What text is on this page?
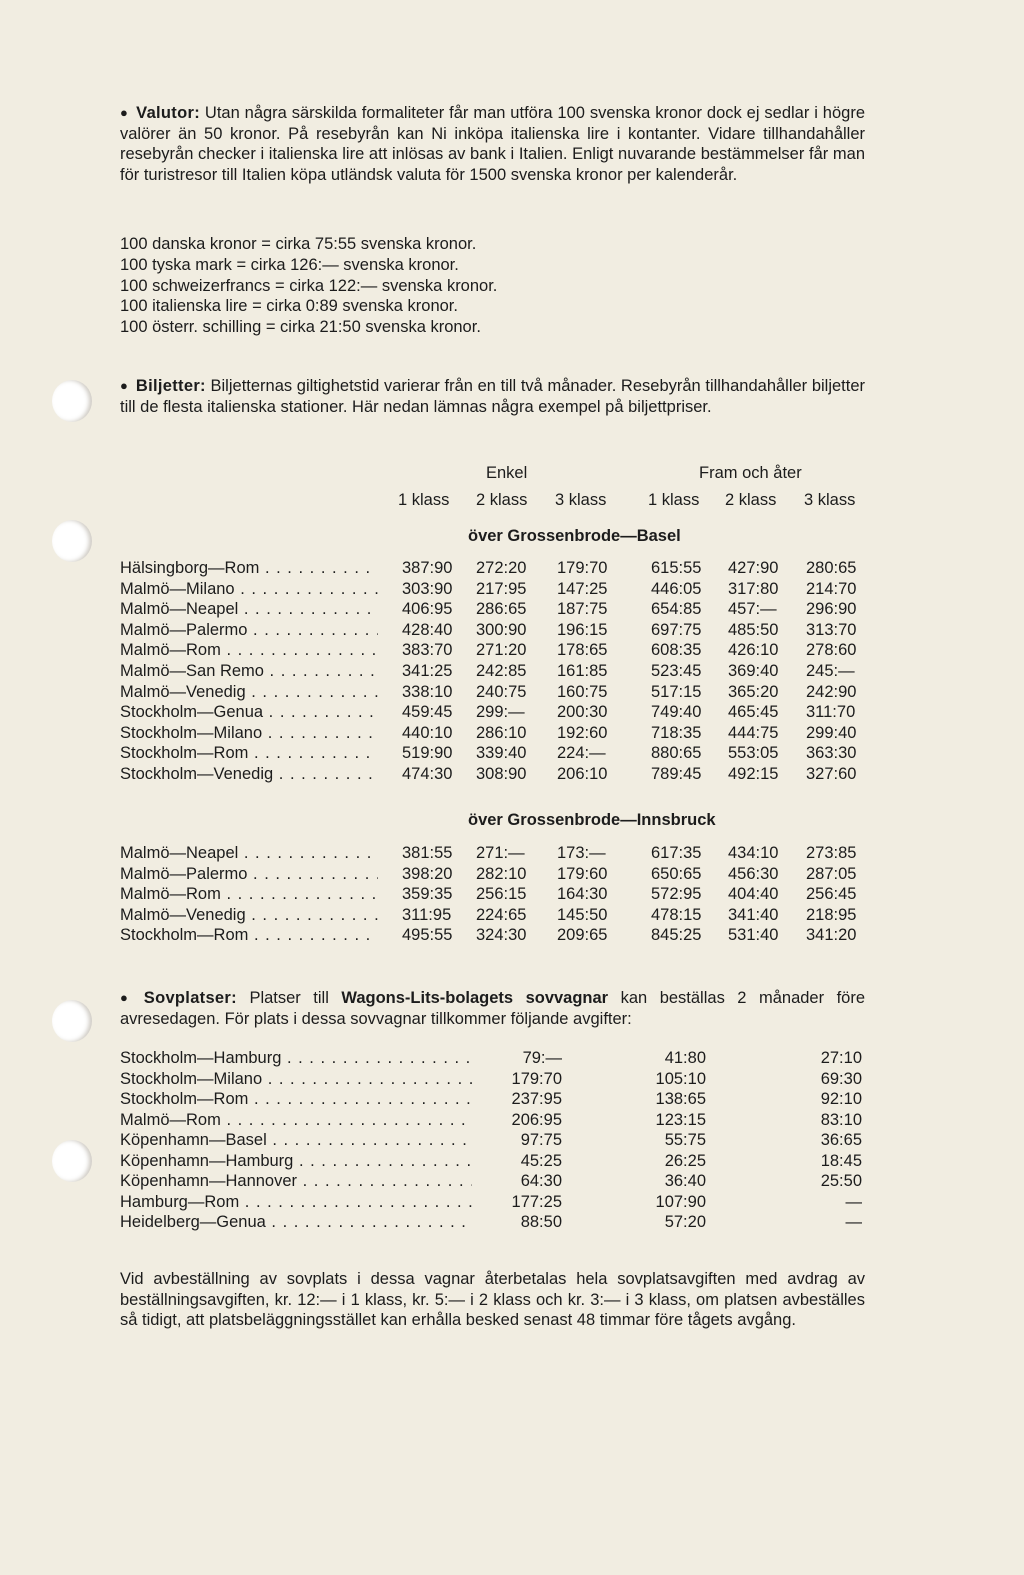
● Valutor: Utan några särskilda formaliteter får man utföra 100 svenska kronor dock ej sedlar i högre valörer än 50 kronor. På resebyrån kan Ni inköpa italienska lire i kontanter. Vidare tillhandahåller resebyrån checker i italienska lire att inlösas av bank i Italien. Enligt nuvarande bestämmelser får man för turistresor till Italien köpa utländsk valuta för 1500 svenska kronor per kalenderår.

100 danska kronor = cirka 75:55 svenska kronor.
100 tyska mark = cirka 126:— svenska kronor.
100 schweizerfrancs = cirka 122:— svenska kronor.
100 italienska lire = cirka 0:89 svenska kronor.
100 österr. schilling = cirka 21:50 svenska kronor.

● Biljetter: Biljetternas giltighetstid varierar från en till två månader. Resebyrån tillhandahåller biljetter till de flesta italienska stationer. Här nedan lämnas några exempel på biljettpriser.

Enkel	Fram och åter
1 klass 2 klass 3 klass	1 klass 2 klass 3 klass
över Grossenbrode—Basel
Hälsingborg—Rom . . .	387:90 272:20 179:70	615:55 427:90 280:65
Malmö—Milano . . .	303:90 217:95 147:25	446:05 317:80 214:70
Malmö—Neapel . . .	406:95 286:65 187:75	654:85 457:— 296:90
Malmö—Palermo . . .	428:40 300:90 196:15	697:75 485:50 313:70
Malmö—Rom . . .	383:70 271:20 178:65	608:35 426:10 278:60
Malmö—San Remo . . .	341:25 242:85 161:85	523:45 369:40 245:—
Malmö—Venedig . . .	338:10 240:75 160:75	517:15 365:20 242:90
Stockholm—Genua . . .	459:45 299:— 200:30	749:40 465:45 311:70
Stockholm—Milano . . .	440:10 286:10 192:60	718:35 444:75 299:40
Stockholm—Rom . . .	519:90 339:40 224:—	880:65 553:05 363:30
Stockholm—Venedig . . .	474:30 308:90 206:10	789:45 492:15 327:60
över Grossenbrode—Innsbruck
Malmö—Neapel . . .	381:55 271:— 173:—	617:35 434:10 273:85
Malmö—Palermo . . .	398:20 282:10 179:60	650:65 456:30 287:05
Malmö—Rom . . .	359:35 256:15 164:30	572:95 404:40 256:45
Malmö—Venedig . . .	311:95 224:65 145:50	478:15 341:40 218:95
Stockholm—Rom . . .	495:55 324:30 209:65	845:25 531:40 341:20

● Sovplatser: Platser till Wagons-Lits-bolagets sovvagnar kan beställas 2 månader före avresedagen. För plats i dessa sovvagnar tillkommer följande avgifter:

Stockholm—Hamburg . . .	79:—	41:80	27:10
Stockholm—Milano . . .	179:70	105:10	69:30
Stockholm—Rom . . .	237:95	138:65	92:10
Malmö—Rom . . .	206:95	123:15	83:10
Köpenhamn—Basel . . .	97:75	55:75	36:65
Köpenhamn—Hamburg . . .	45:25	26:25	18:45
Köpenhamn—Hannover . . .	64:30	36:40	25:50
Hamburg—Rom . . .	177:25	107:90	—
Heidelberg—Genua . . .	88:50	57:20	—

Vid avbeställning av sovplats i dessa vagnar återbetalas hela sovplatsavgiften med avdrag av beställningsavgiften, kr. 12:— i 1 klass, kr. 5:— i 2 klass och kr. 3:— i 3 klass, om platsen avbeställes så tidigt, att platsbeläggningsstället kan erhålla besked senast 48 timmar före tågets avgång.
